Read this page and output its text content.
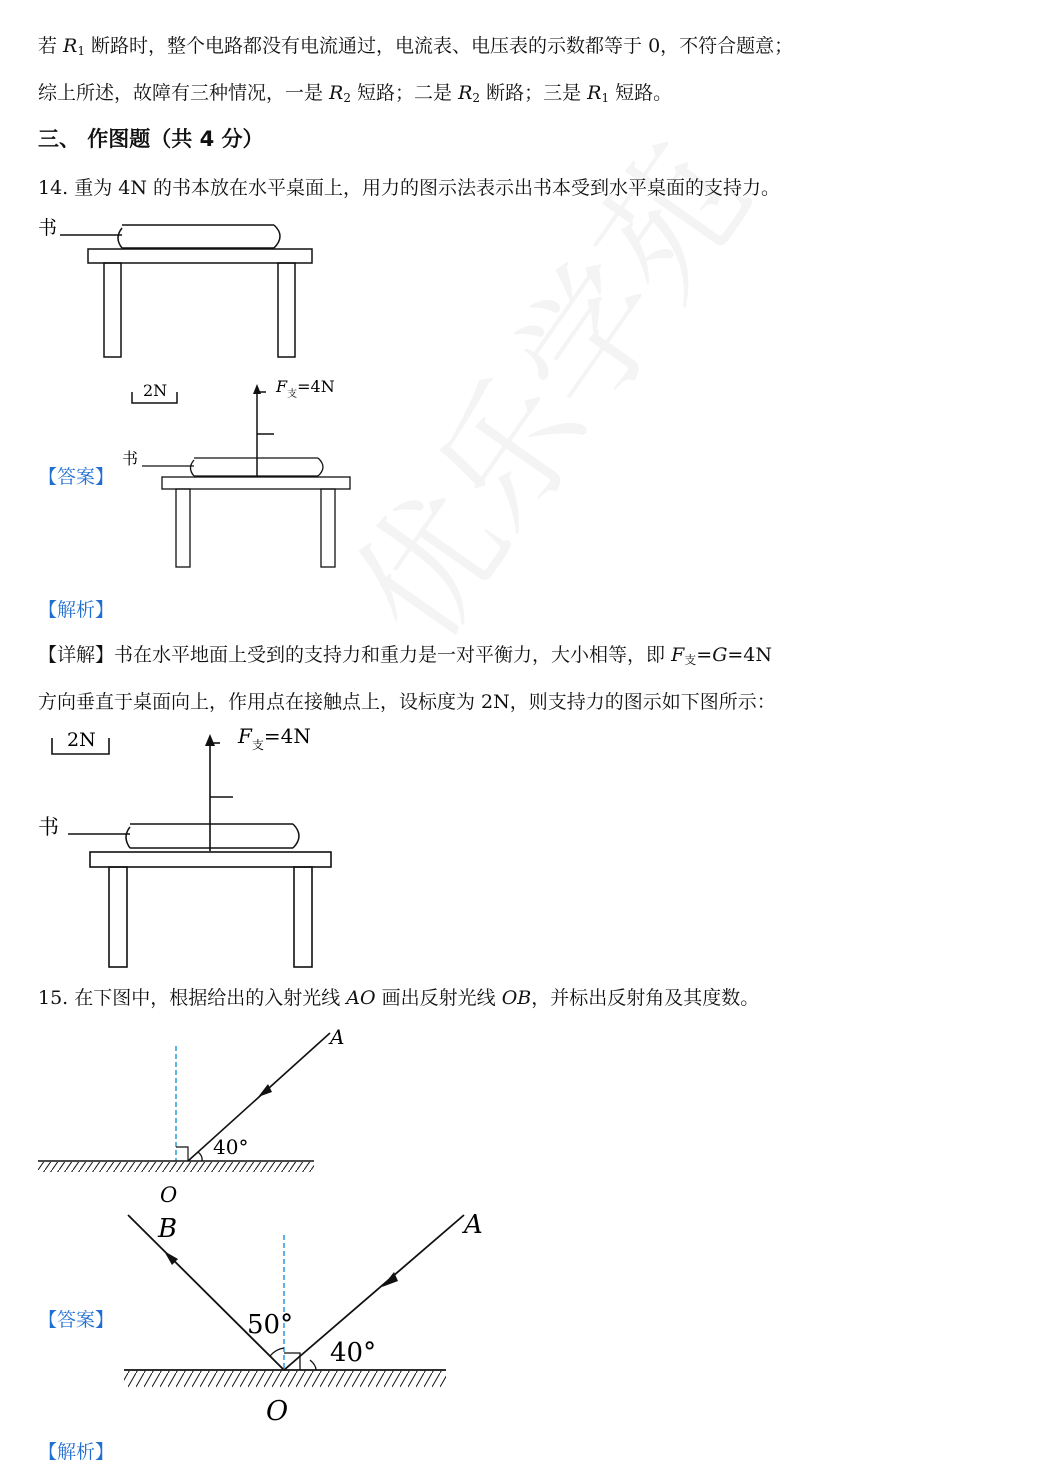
若 $R_1$ 断路时，整个电路都没有电流通过，电流表、电压表的示数都等于 0，不符合题意；
综上所述，故障有三种情况，一是 $R_2$ 短路；二是 $R_2$ 断路；三是 $R_1$ 短路。
三、 作图题（共 4 分）
14. 重为 4N 的书本放在水平桌面上，用力的图示法表示出书本受到水平桌面的支持力。
书
【答案】
2N	$F_支=4N$
书
【解析】
【详解】书在水平地面上受到的支持力和重力是一对平衡力，大小相等，即 $F_支=G=4N$
方向垂直于桌面向上，作用点在接触点上，设标度为 2N，则支持力的图示如下图所示：
2N	$F_支=4N$
书
15. 在下图中，根据给出的入射光线 AO 画出反射光线 OB，并标出反射角及其度数。
40°
A
O
【答案】	50°
40°
B	A
O
【解析】
